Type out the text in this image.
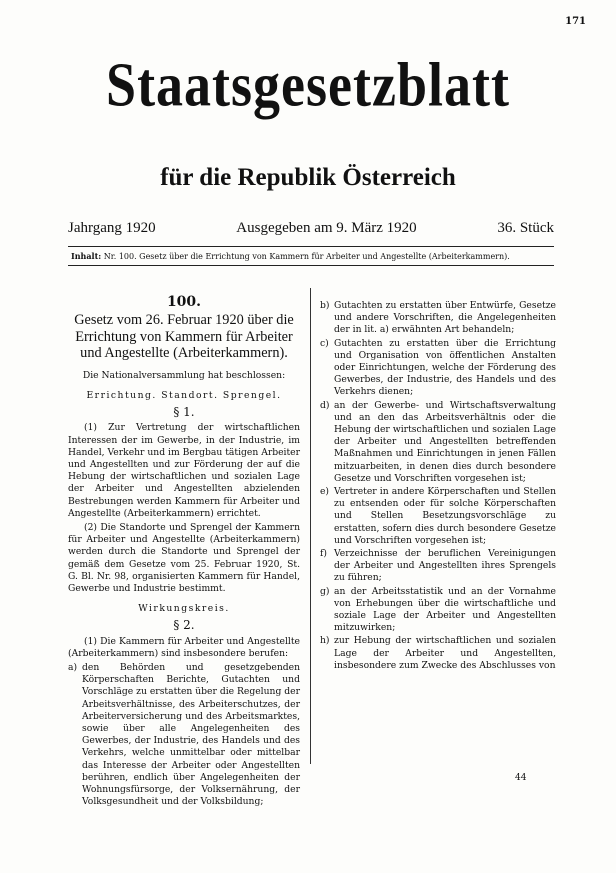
171
Staatsgesetzblatt
für die Republik Österreich
Jahrgang 1920	Ausgegeben am 9. März 1920	36. Stück
Inhalt: Nr. 100. Gesetz über die Errichtung von Kammern für Arbeiter und Angestellte (Arbeiterkammern).
100.
Gesetz vom 26. Februar 1920 über die Errichtung von Kammern für Arbeiter und Angestellte (Arbeiterkammern).
Die Nationalversammlung hat beschlossen:
Errichtung. Standort. Sprengel.
§ 1.

(1) Zur Vertretung der wirtschaftlichen Interessen der im Gewerbe, in der Industrie, im Handel, Verkehr und im Bergbau tätigen Arbeiter und Angestellten und zur Förderung der auf die Hebung der wirtschaftlichen und sozialen Lage der Arbeiter und Angestellten abzielenden Bestrebungen werden Kammern für Arbeiter und Angestellte (Arbeiterkammern) errichtet.

(2) Die Standorte und Sprengel der Kammern für Arbeiter und Angestellte (Arbeiterkammern) werden durch die Standorte und Sprengel der gemäß dem Gesetze vom 25. Februar 1920, St. G. Bl. Nr. 98, organisierten Kammern für Handel, Gewerbe und Industrie bestimmt.

Wirkungskreis.
§ 2.

(1) Die Kammern für Arbeiter und Angestellte (Arbeiterkammern) sind insbesondere berufen:

a) den Behörden und gesetzgebenden Körperschaften Berichte, Gutachten und Vorschläge zu erstatten über die Regelung der Arbeitsverhältnisse, des Arbeiterschutzes, der Arbeiterversicherung und des Arbeitsmarktes, sowie über alle Angelegenheiten des Gewerbes, der Industrie, des Handels und des Verkehrs, welche unmittelbar oder mittelbar das Interesse der Arbeiter oder Angestellten berühren, endlich über Angelegenheiten der Wohnungsfürsorge, der Volksernährung, der Volksgesundheit und der Volksbildung;
b) Gutachten zu erstatten über Entwürfe, Gesetze und andere Vorschriften, die Angelegenheiten der in lit. a) erwähnten Art behandeln;
c) Gutachten zu erstatten über die Errichtung und Organisation von öffentlichen Anstalten oder Einrichtungen, welche der Förderung des Gewerbes, der Industrie, des Handels und des Verkehrs dienen;
d) an der Gewerbe- und Wirtschaftsverwaltung und an den das Arbeitsverhältnis oder die Hebung der wirtschaftlichen und sozialen Lage der Arbeiter und Angestellten betreffenden Maßnahmen und Einrichtungen in jenen Fällen mitzuarbeiten, in denen dies durch besondere Gesetze und Vorschriften vorgesehen ist;
e) Vertreter in andere Körperschaften und Stellen zu entsenden oder für solche Körperschaften und Stellen Besetzungsvorschläge zu erstatten, sofern dies durch besondere Gesetze und Vorschriften vorgesehen ist;
f) Verzeichnisse der beruflichen Vereinigungen der Arbeiter und Angestellten ihres Sprengels zu führen;
g) an der Arbeitsstatistik und an der Vornahme von Erhebungen über die wirtschaftliche und soziale Lage der Arbeiter und Angestellten mitzuwirken;
h) zur Hebung der wirtschaftlichen und sozialen Lage der Arbeiter und Angestellten, insbesondere zum Zwecke des Abschlusses von
44
